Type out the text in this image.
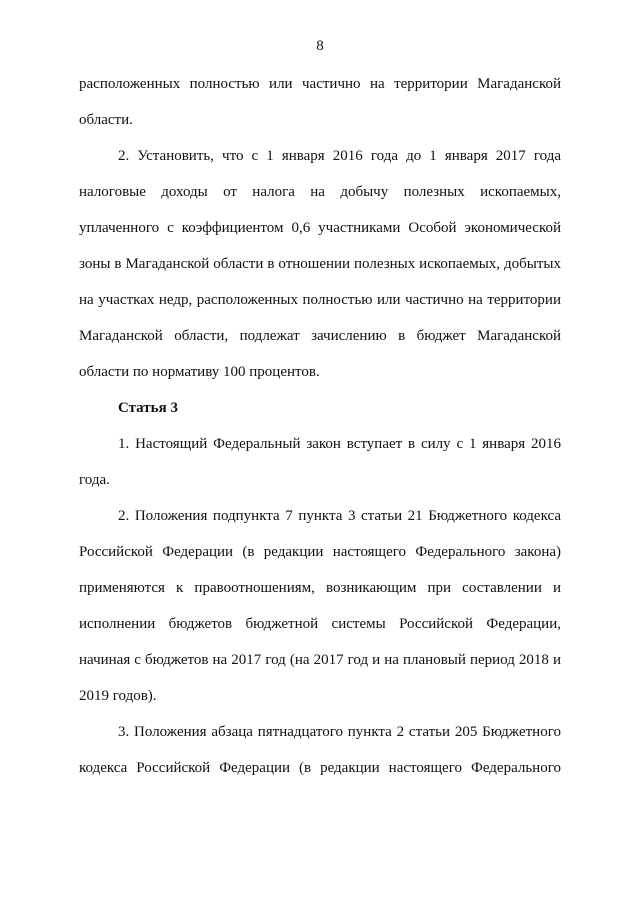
8
расположенных полностью или частично на территории Магаданской
области.
2. Установить, что с 1 января 2016 года до 1 января 2017 года
налоговые доходы от налога на добычу полезных ископаемых,
уплаченного с коэффициентом 0,6 участниками Особой экономической
зоны в Магаданской области в отношении полезных ископаемых, добытых
на участках недр, расположенных полностью или частично на территории
Магаданской области, подлежат зачислению в бюджет Магаданской
области по нормативу 100 процентов.
Статья 3
1. Настоящий Федеральный закон вступает в силу с 1 января 2016
года.
2. Положения подпункта 7 пункта 3 статьи 21 Бюджетного кодекса
Российской Федерации (в редакции настоящего Федерального закона)
применяются к правоотношениям, возникающим при составлении и
исполнении бюджетов бюджетной системы Российской Федерации,
начиная с бюджетов на 2017 год (на 2017 год и на плановый период 2018 и
2019 годов).
3. Положения абзаца пятнадцатого пункта 2 статьи 205 Бюджетного
кодекса Российской Федерации (в редакции настоящего Федерального
